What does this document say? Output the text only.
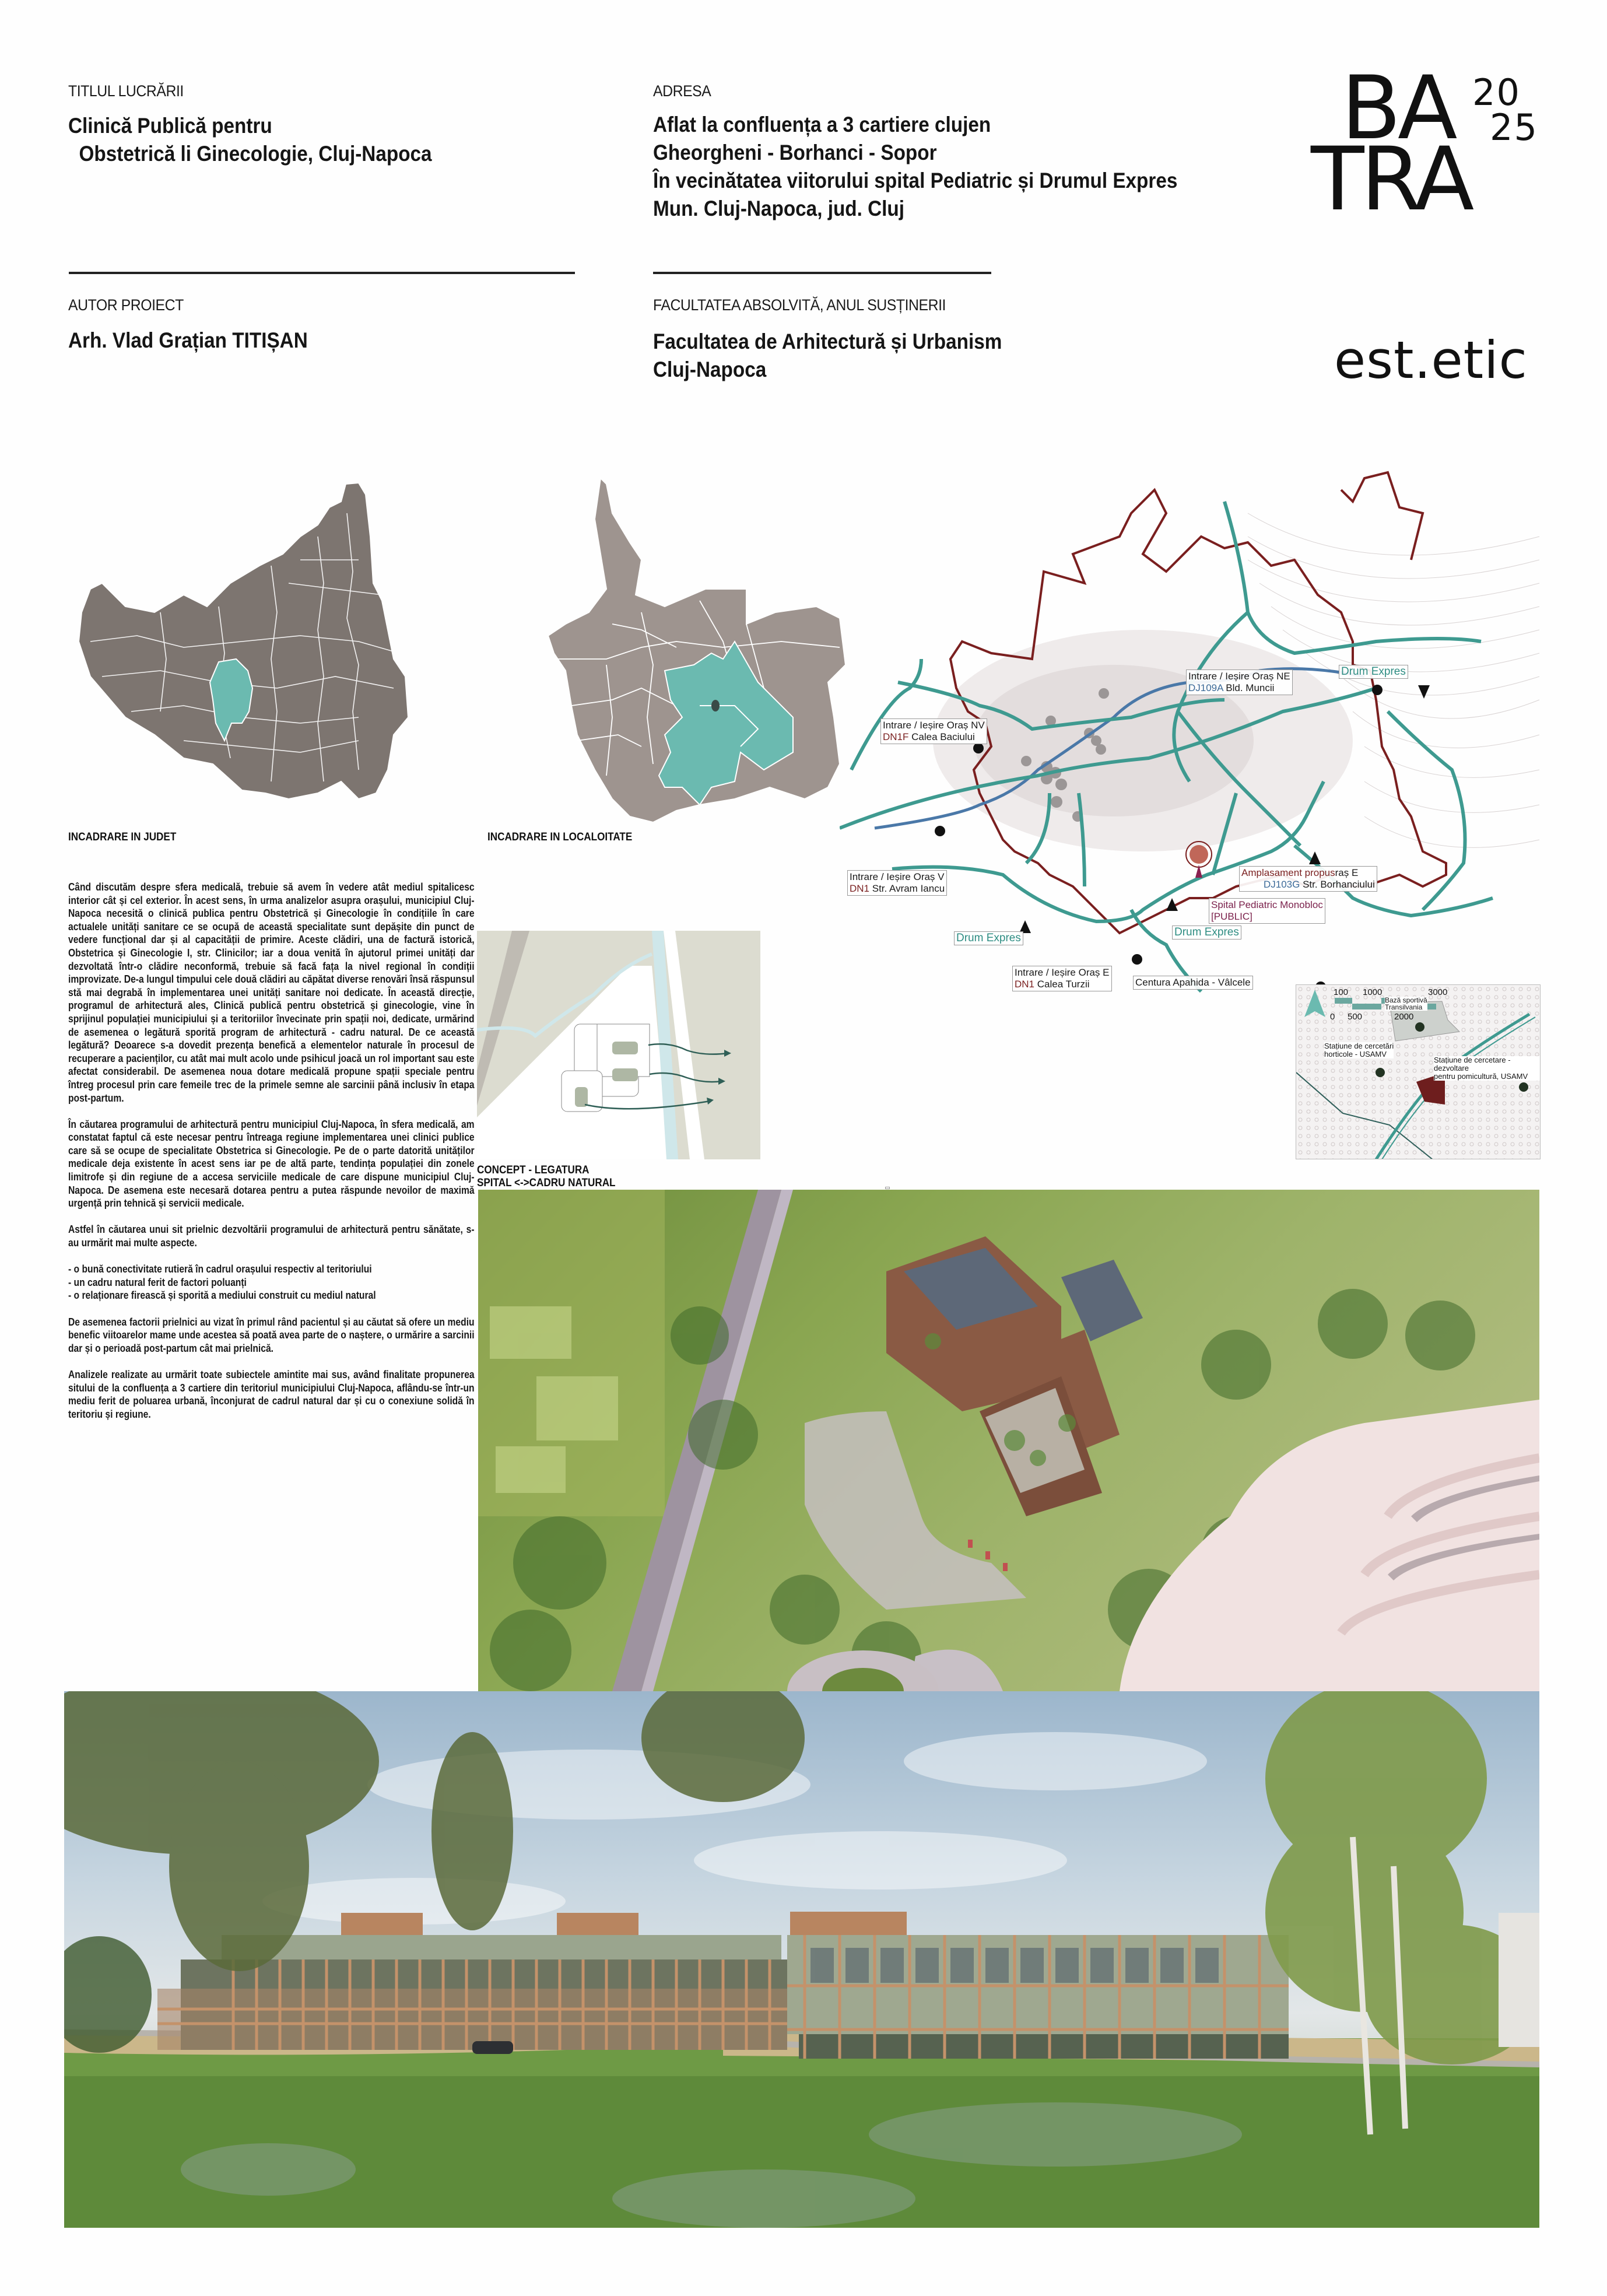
TITLUL LUCRĂRII
Clinică Publică pentru
Obstetrică li Ginecologie, Cluj-Napoca
ADRESA
Aflat la confluența a 3 cartiere clujen
Gheorgheni - Borhanci - Sopor
În vecinătatea viitorului spital Pediatric și Drumul Expres
Mun. Cluj-Napoca, jud. Cluj
AUTOR PROIECT
Arh. Vlad Grațian TITIȘAN
FACULTATEA ABSOLVITĂ, ANUL SUSȚINERII
Facultatea de Arhitectură și Urbanism
Cluj-Napoca
BA
TRA
20
25
est.etic
INCADRARE IN JUDET	INCADRARE IN LOCALOITATE
Intrare / Ieșire Oraș NV
DN1F Calea Baciului
Intrare / Ieșire Oraș V
DN1 Str. Avram Iancu
Intrare / Ieșire Oraș NE
DJ109A Bld. Muncii
Drum Expres
Drum Expres	Drum Expres
Intrare / Ieșire Oraș E
DN1 Calea Turzii
Amplasament propusraș E
DJ103G Str. Borhanciului
Spital Pediatric Monobloc
[PUBLIC]
Centura Apahida - Vâlcele
100 1000	3000
0 500	2000
Bază sportivă
Transilvania
Stațiune de cercetări
horticole - USAMV
Stațiune de cercetare - dezvoltare
pentru pomicultură, USAMV
CONCEPT - LEGATURA
SPITAL <->CADRU NATURAL

Când discutăm despre sfera medicală, trebuie să avem în vedere atât mediul spitalicesc interior cât și cel exterior. În acest sens, în urma analizelor asupra orașului, municipiul Cluj-Napoca necesită o clinică publica pentru Obstetrică și Ginecologie în condițiile în care actualele unități sanitare ce se ocupă de această specialitate sunt depășite din punct de vedere funcțional dar și al capacității de primire. Aceste clădiri, una de factură istorică, Obstetrica și Ginecologie I, str. Clinicilor; iar a doua venită în ajutorul primei unități dar dezvoltată într-o clădire neconformă, trebuie să facă fața la nivel regional în condiții improvizate. De-a lungul timpului cele două clădiri au căpătat diverse renovări însă răspunsul stă mai degrabă în implementarea unei unități sanitare noi dedicate. În această direcție, programul de arhitectură ales, Clinică publică pentru obstetrică și ginecologie, vine în sprijinul populației municipiului și a teritoriilor învecinate prin spații noi, dedicate, urmărind de asemenea o legătură sporită program de arhitectură - cadru natural. De ce această legătură? Deoarece s-a dovedit prezența benefică a elementelor naturale în procesul de recuperare a pacienților, cu atât mai mult acolo unde psihicul joacă un rol important sau este afectat considerabil. De asemenea noua dotare medicală propune spații speciale pentru întreg procesul prin care femeile trec de la primele semne ale sarcinii până inclusiv în etapa post-partum.

În căutarea programului de arhitectură pentru municipiul Cluj-Napoca, în sfera medicală, am constatat faptul că este necesar pentru întreaga regiune implementarea unei clinici publice care să se ocupe de specialitate Obstetrica si Ginecologie. Pe de o parte datorită unităților medicale deja existente în acest sens iar pe de altă parte, tendința populației din zonele limitrofe și din regiune de a accesa serviciile medicale de care dispune municipiul Cluj-Napoca. De asemena este necesară dotarea pentru a putea răspunde nevoilor de maximă urgență prin tehnică și servicii medicale.

Astfel în căutarea unui sit prielnic dezvoltării programului de arhitectură pentru sănătate, s-au urmărit mai multe aspecte.

- o bună conectivitate rutieră în cadrul orașului respectiv al teritoriului

- un cadru natural ferit de factori poluanți

- o relaționare firească și sporită a mediului construit cu mediul natural

De asemenea factorii prielnici au vizat în primul rând pacientul și au căutat să ofere un mediu benefic viitoarelor mame unde acestea să poată avea parte de o naștere, o urmărire a sarcinii dar și o perioadă post-partum cât mai prielnică.

Analizele realizate au urmărit toate subiectele amintite mai sus, având finalitate propunerea sitului de la confluența a 3 cartiere din teritoriul municipiului Cluj-Napoca, aflându-se într-un mediu ferit de poluarea urbană, înconjurat de cadrul natural dar și cu o conexiune solidă în teritoriu și regiune.
